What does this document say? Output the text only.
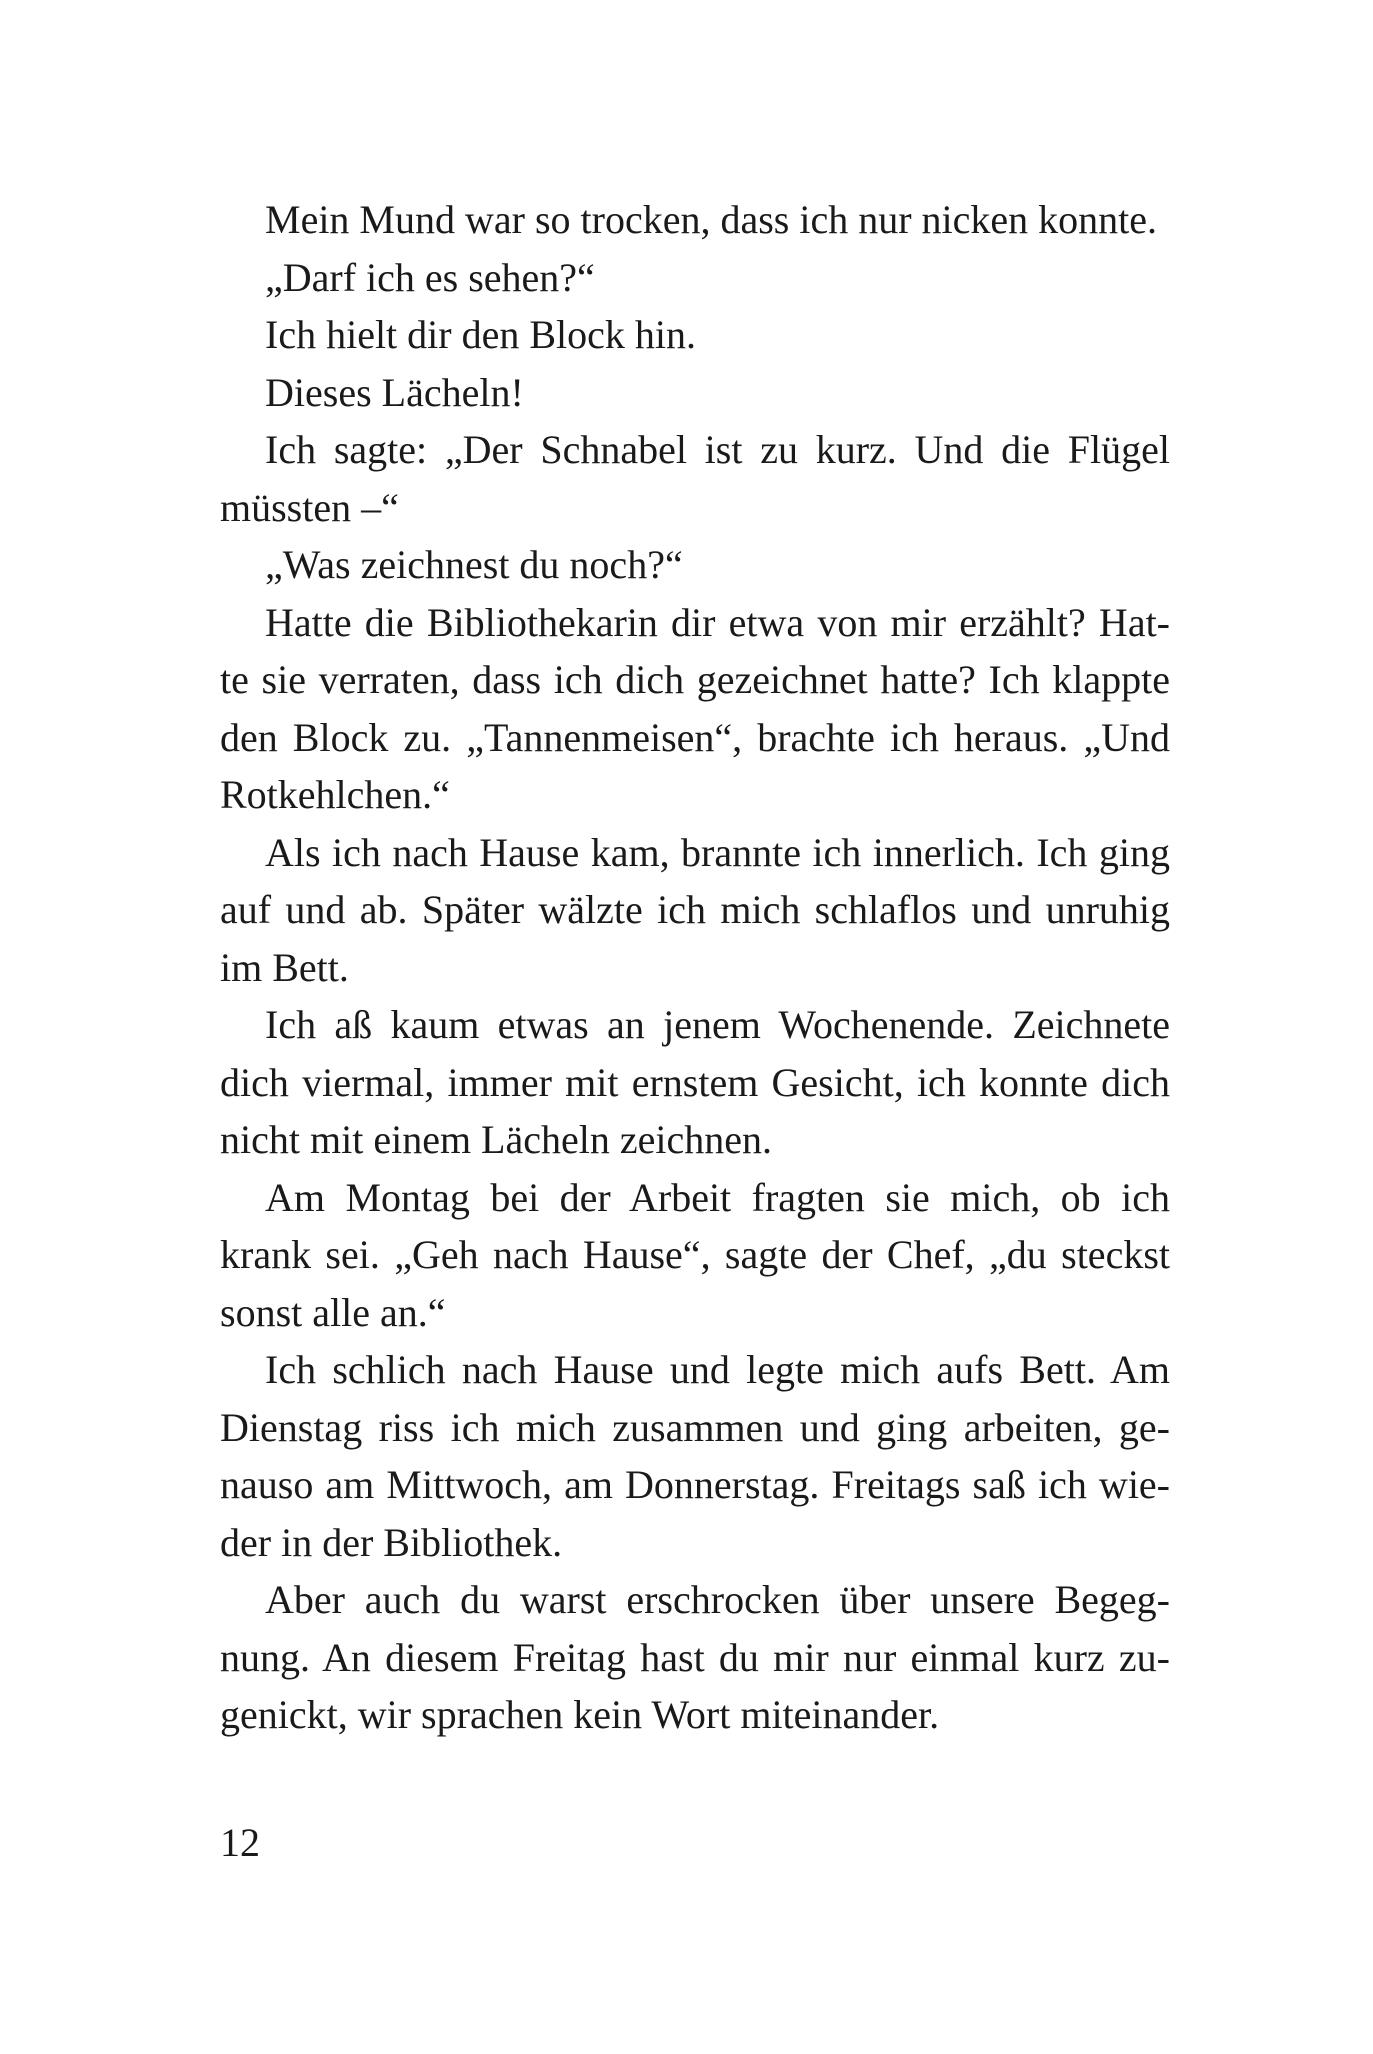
Mein Mund war so trocken, dass ich nur nicken konnte.
„Darf ich es sehen?“
Ich hielt dir den Block hin.
Dieses Lächeln!
Ich sagte: „Der Schnabel ist zu kurz. Und die Flügel
müssten –“
„Was zeichnest du noch?“
Hatte die Bibliothekarin dir etwa von mir erzählt? Hat-
te sie verraten, dass ich dich gezeichnet hatte? Ich klappte
den Block zu. „Tannenmeisen“, brachte ich heraus. „Und
Rotkehlchen.“
Als ich nach Hause kam, brannte ich innerlich. Ich ging
auf und ab. Später wälzte ich mich schlaflos und unruhig
im Bett.
Ich aß kaum etwas an jenem Wochenende. Zeichnete
dich viermal, immer mit ernstem Gesicht, ich konnte dich
nicht mit einem Lächeln zeichnen.
Am Montag bei der Arbeit fragten sie mich, ob ich
krank sei. „Geh nach Hause“, sagte der Chef, „du steckst
sonst alle an.“
Ich schlich nach Hause und legte mich aufs Bett. Am
Dienstag riss ich mich zusammen und ging arbeiten, ge-
nauso am Mittwoch, am Donnerstag. Freitags saß ich wie-
der in der Bibliothek.
Aber auch du warst erschrocken über unsere Begeg-
nung. An diesem Freitag hast du mir nur einmal kurz zu-
genickt, wir sprachen kein Wort miteinander.
12
